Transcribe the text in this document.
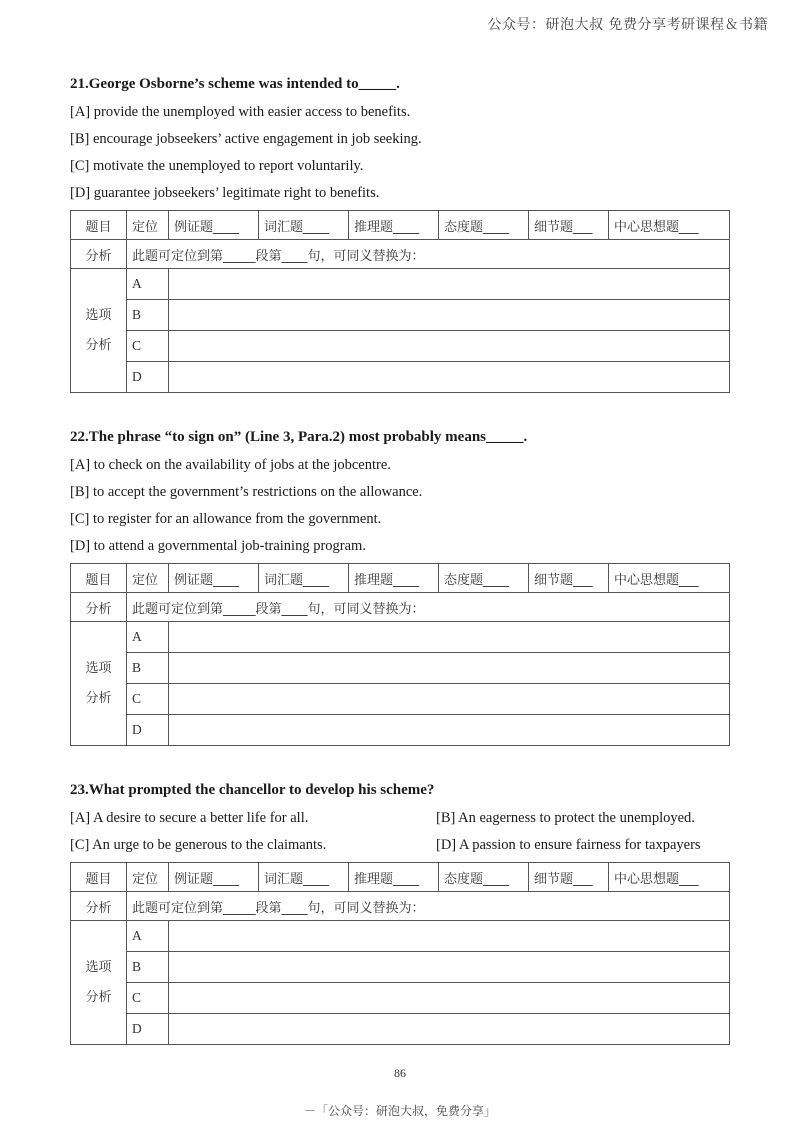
公众号：研泡大叔 免费分享考研课程＆书籍
21.George Osborne’s scheme was intended to_____.
[A] provide the unemployed with easier access to benefits.
[B] encourage jobseekers’ active engagement in job seeking.
[C] motivate the unemployed to report voluntarily.
[D] guarantee jobseekers’ legitimate right to benefits.
题目	定位	例证题____	词汇题____	推理题____	态度题____	细节题___	中心思想题___
分析	此题可定位到第_____段第____句，可同义替换为：						
选项
分析	A						
	B						
	C						
	D						
22.The phrase “to sign on” (Line 3, Para.2) most probably means_____.
[A] to check on the availability of jobs at the jobcentre.
[B] to accept the government’s restrictions on the allowance.
[C] to register for an allowance from the government.
[D] to attend a governmental job-training program.
题目	定位	例证题____	词汇题____	推理题____	态度题____	细节题___	中心思想题___
分析	此题可定位到第_____段第____句，可同义替换为：						
选项
分析	A						
	B						
	C						
	D						
23.What prompted the chancellor to develop his scheme?
[A] A desire to secure a better life for all.	[B] An eagerness to protect the unemployed.
[C] An urge to be generous to the claimants.	[D] A passion to ensure fairness for taxpayers
题目	定位	例证题____	词汇题____	推理题____	态度题____	细节题___	中心思想题___
分析	此题可定位到第_____段第____句，可同义替换为：						
选项
分析	A						
	B						
	C						
	D						
86
－「公众号：研泡大叔，免费分享」
